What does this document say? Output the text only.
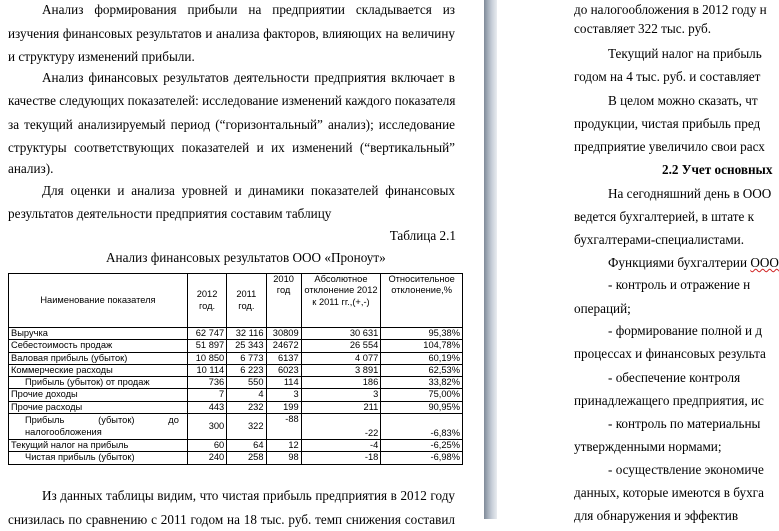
Анализ формирования прибыли на предприятии складывается из
изучения финансовых результатов и анализа факторов, влияющих на величину
и структуру изменений прибыли.
Анализ финансовых результатов деятельности предприятия включает в
качестве следующих показателей: исследование изменений каждого показателя
за текущий анализируемый период (“горизонтальный” анализ); исследование
структуры соответствующих показателей и их изменений (“вертикальный”
анализ).
Для оценки и анализа уровней и динамики показателей финансовых
результатов деятельности предприятия составим таблицу
Таблица 2.1
Анализ финансовых результатов ООО «Проноут»
Наименование показателя	2012 год.	2011 год.	2010 год	Абсолютное отклонение 2012 к 2011 гг.,(+,-)	Относительное отклонение,%
Выручка	62 747	32 116	30809	30 631	95,38%
Себестоимость продаж	51 897	25 343	24672	26 554	104,78%
Валовая прибыль (убыток)	10 850	6 773	6137	4 077	60,19%
Коммерческие расходы	10 114	6 223	6023	3 891	62,53%
Прибыль (убыток) от продаж	736	550	114	186	33,82%
Прочие доходы	7	4	3	3	75,00%
Прочие расходы	443	232	199	211	90,95%

Прибыль (убыток) до
налогообложения	300	322	-88	-22	-6,83%
Текущий налог на прибыль	60	64	12	-4	-6,25%
Чистая прибыль (убыток)	240	258	98	-18	-6,98%
Из данных таблицы видим, что чистая прибыль предприятия в 2012 году
снизилась по сравнению с 2011 годом на 18 тыс. руб. темп снижения составил
до налогообложения в 2012 году н
составляет 322 тыс. руб.
Текущий налог на прибыль
годом на 4 тыс. руб. и составляет
В целом можно сказать, чт
продукции, чистая прибыль пред
предприятие увеличило свои расх
2.2 Учет основных
На сегодняшний день в ООО
ведется бухгалтерией, в штате к
бухгалтерами-специалистами.
Функциями бухгалтерии ООО
- контроль и отражение н
операций;
- формирование полной и д
процессах и финансовых результа
- обеспечение контроля
принадлежащего предприятия, ис
- контроль по материальны
утвержденными нормами;
- осуществление экономиче
данных, которые имеются в бухга
для обнаружения и эффектив
